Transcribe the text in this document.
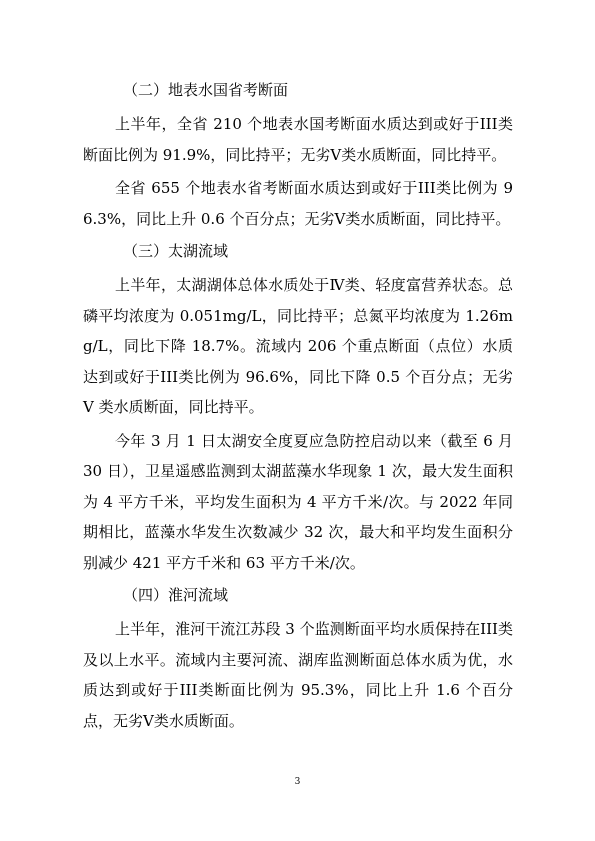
（二）地表水国省考断面

上半年，全省 210 个地表水国考断面水质达到或好于III类断面比例为 91.9%，同比持平；无劣V类水质断面，同比持平。

全省 655 个地表水省考断面水质达到或好于III类比例为 96.3%，同比上升 0.6 个百分点；无劣V类水质断面，同比持平。

（三）太湖流域

上半年，太湖湖体总体水质处于Ⅳ类、轻度富营养状态。总磷平均浓度为 0.051mg/L，同比持平；总氮平均浓度为 1.26mg/L，同比下降 18.7%。流域内 206 个重点断面（点位）水质达到或好于III类比例为 96.6%，同比下降 0.5 个百分点；无劣 V 类水质断面，同比持平。

今年 3 月 1 日太湖安全度夏应急防控启动以来（截至 6 月 30 日），卫星遥感监测到太湖蓝藻水华现象 1 次，最大发生面积为 4 平方千米，平均发生面积为 4 平方千米/次。与 2022 年同期相比，蓝藻水华发生次数减少 32 次，最大和平均发生面积分别减少 421 平方千米和 63 平方千米/次。

（四）淮河流域

上半年，淮河干流江苏段 3 个监测断面平均水质保持在III类及以上水平。流域内主要河流、湖库监测断面总体水质为优，水质达到或好于III类断面比例为 95.3%，同比上升 1.6 个百分点，无劣V类水质断面。

3
